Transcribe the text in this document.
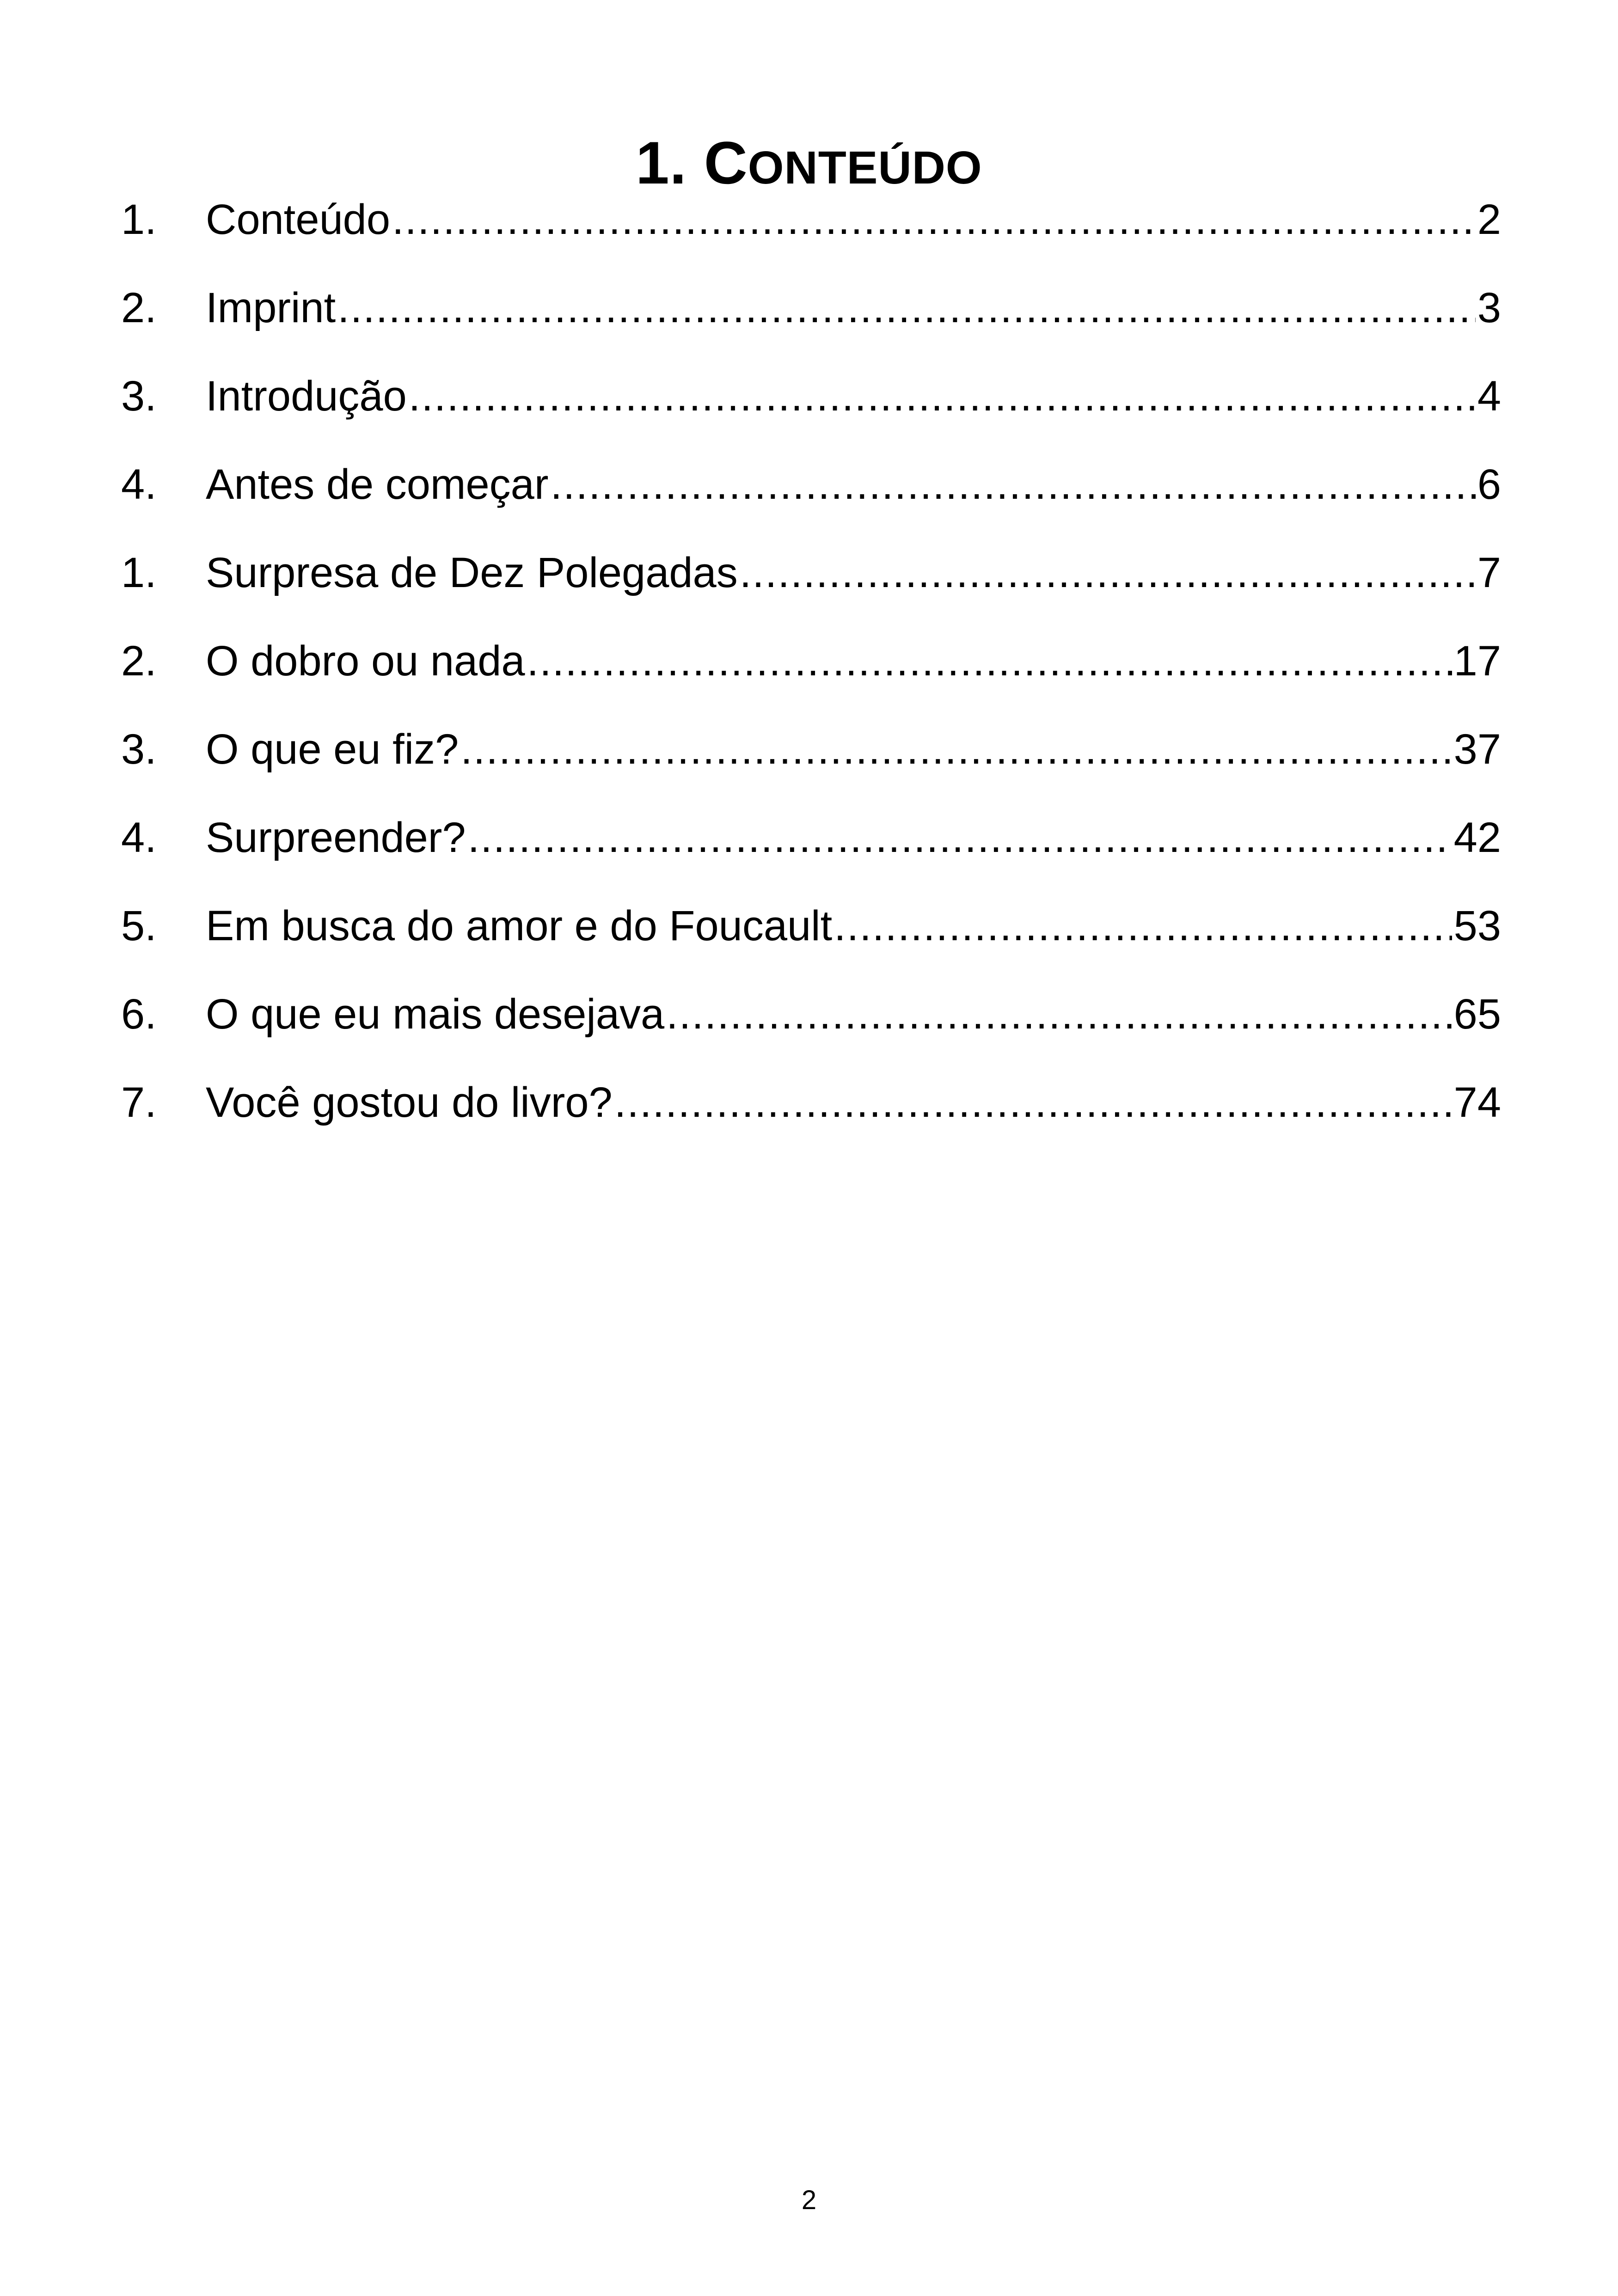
1. CONTEÚDO
1.	Conteúdo .....	2
2.	Imprint .....	3
3.	Introdução .....	4
4.	Antes de começar .....	6
1.	Surpresa de Dez Polegadas .....	7
2.	O dobro ou nada .....	17
3.	O que eu fiz? .....	37
4.	Surpreender? .....	42
5.	Em busca do amor e do Foucault .....	53
6.	O que eu mais desejava .....	65
7.	Você gostou do livro? .....	74
2
